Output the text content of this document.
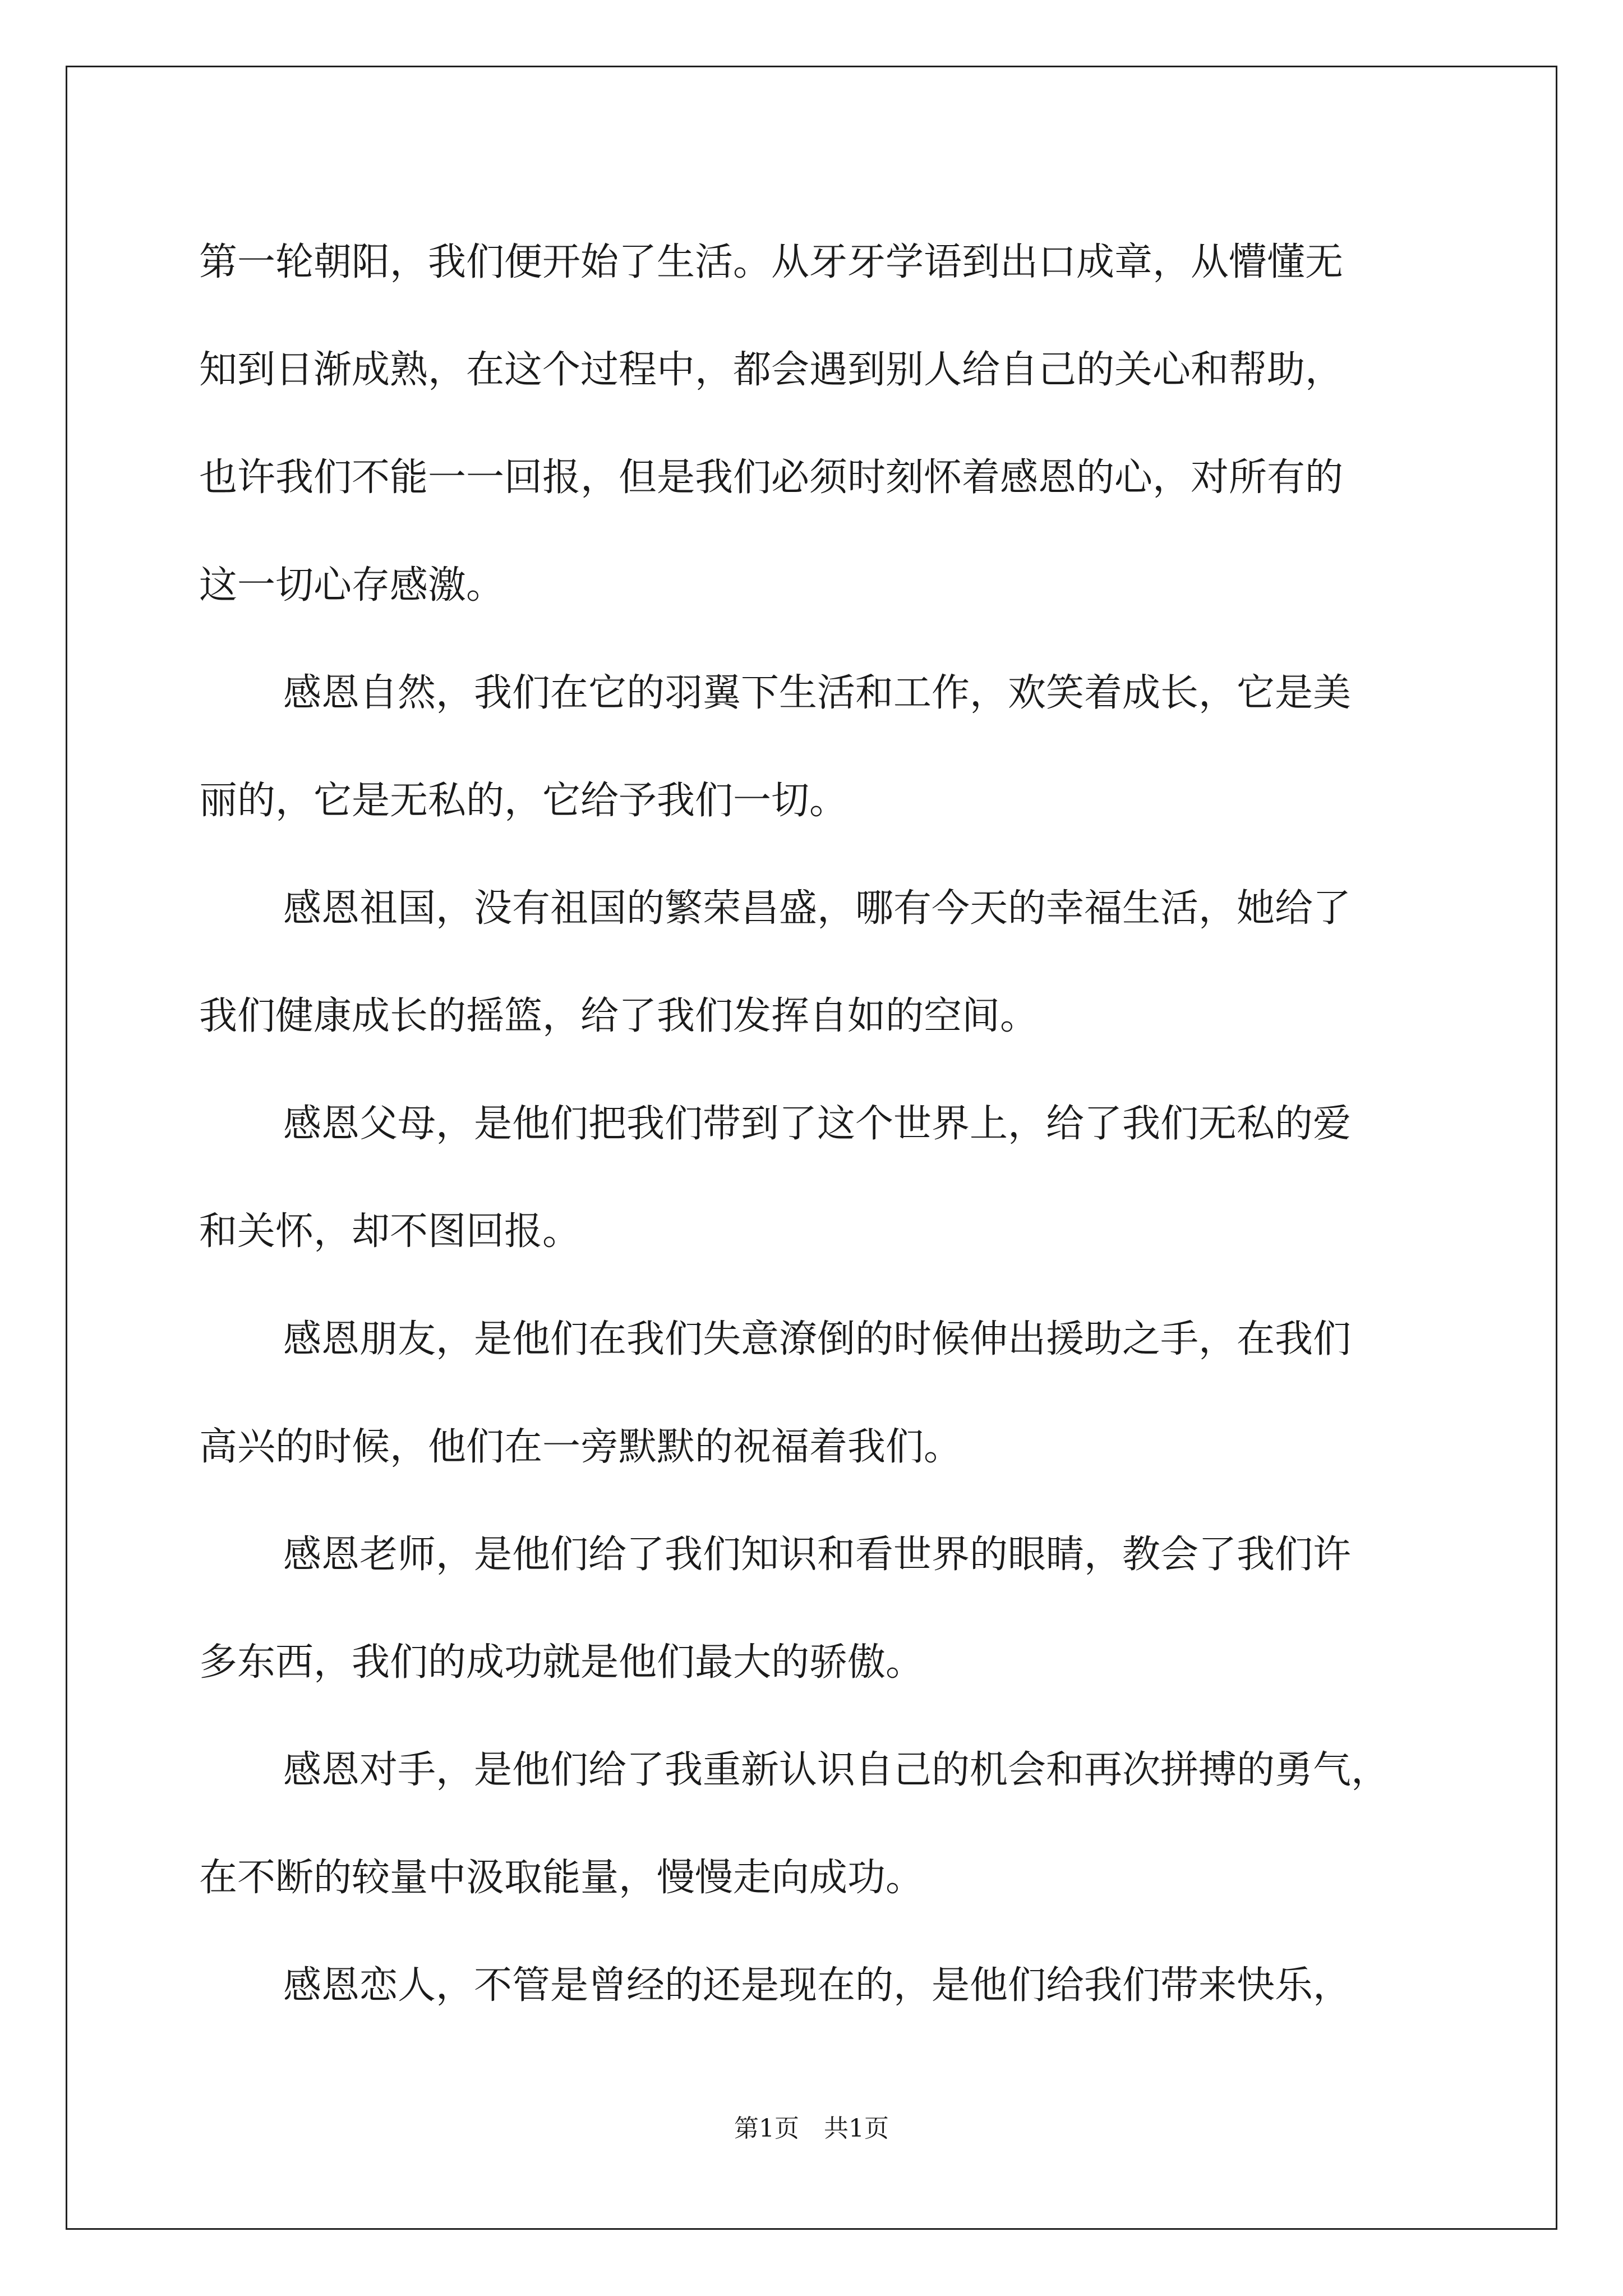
第一轮朝阳，我们便开始了生活。从牙牙学语到出口成章，从懵懂无
知到日渐成熟，在这个过程中，都会遇到别人给自己的关心和帮助，
也许我们不能一一回报，但是我们必须时刻怀着感恩的心，对所有的
这一切心存感激。
感恩自然，我们在它的羽翼下生活和工作，欢笑着成长，它是美
丽的，它是无私的，它给予我们一切。
感恩祖国，没有祖国的繁荣昌盛，哪有今天的幸福生活，她给了
我们健康成长的摇篮，给了我们发挥自如的空间。
感恩父母，是他们把我们带到了这个世界上，给了我们无私的爱
和关怀，却不图回报。
感恩朋友，是他们在我们失意潦倒的时候伸出援助之手，在我们
高兴的时候，他们在一旁默默的祝福着我们。
感恩老师，是他们给了我们知识和看世界的眼睛，教会了我们许
多东西，我们的成功就是他们最大的骄傲。
感恩对手，是他们给了我重新认识自己的机会和再次拼搏的勇气，
在不断的较量中汲取能量，慢慢走向成功。
感恩恋人，不管是曾经的还是现在的，是他们给我们带来快乐，
第1页　共1页
